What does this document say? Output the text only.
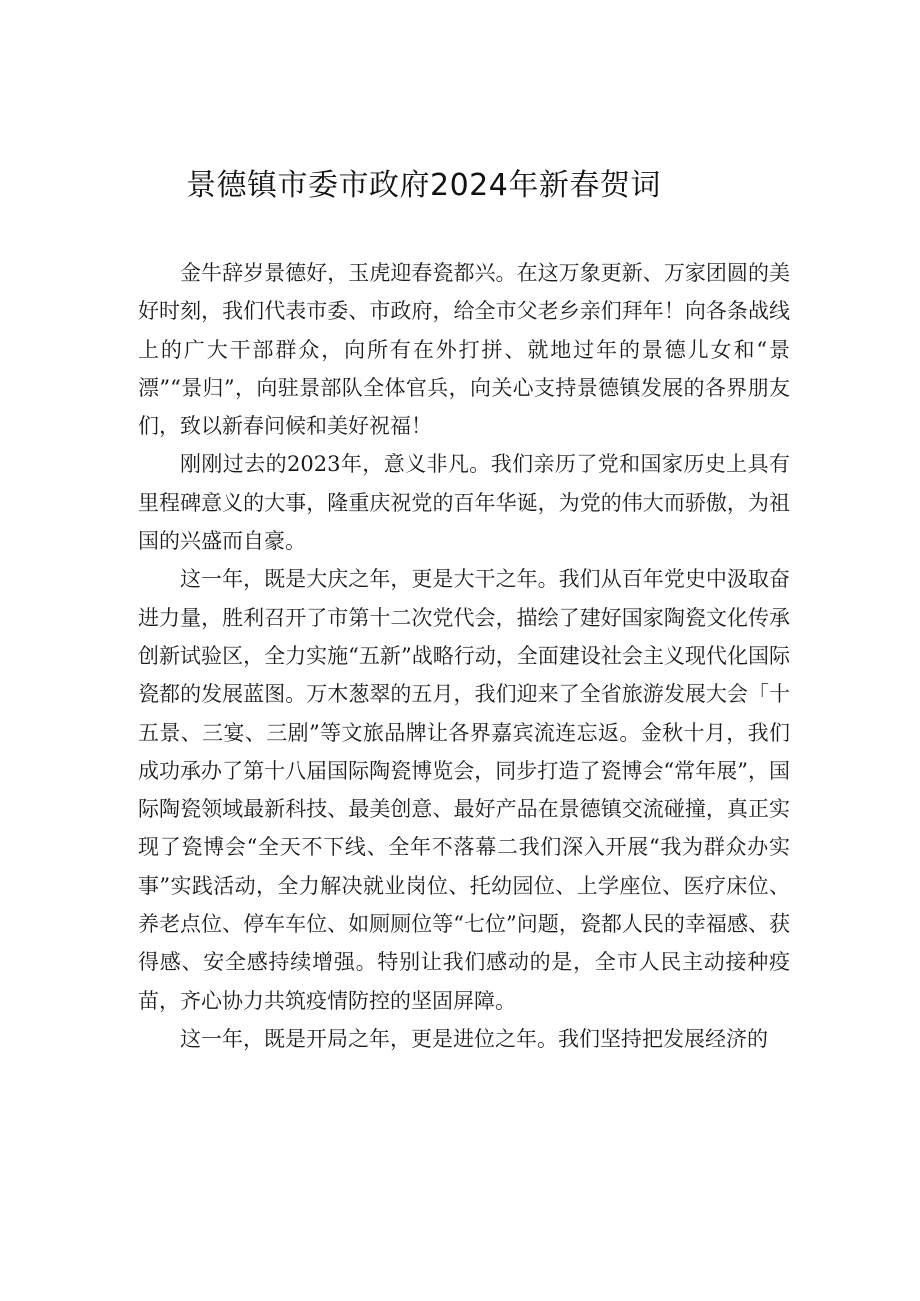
景德镇市委市政府2024年新春贺词

金牛辞岁景德好，玉虎迎春瓷都兴。在这万象更新、万家团圆的美好时刻，我们代表市委、市政府，给全市父老乡亲们拜年！向各条战线上的广大干部群众，向所有在外打拼、就地过年的景德儿女和“景漂”“景归”，向驻景部队全体官兵，向关心支持景德镇发展的各界朋友们，致以新春问候和美好祝福！

刚刚过去的2023年，意义非凡。我们亲历了党和国家历史上具有里程碑意义的大事，隆重庆祝党的百年华诞，为党的伟大而骄傲，为祖国的兴盛而自豪。

这一年，既是大庆之年，更是大干之年。我们从百年党史中汲取奋进力量，胜利召开了市第十二次党代会，描绘了建好国家陶瓷文化传承创新试验区，全力实施“五新”战略行动，全面建设社会主义现代化国际瓷都的发展蓝图。万木葱翠的五月，我们迎来了全省旅游发展大会「十五景、三宴、三剧”等文旅品牌让各界嘉宾流连忘返。金秋十月，我们成功承办了第十八届国际陶瓷博览会，同步打造了瓷博会“常年展”，国际陶瓷领域最新科技、最美创意、最好产品在景德镇交流碰撞，真正实现了瓷博会“全天不下线、全年不落幕二我们深入开展“我为群众办实事”实践活动，全力解决就业岗位、托幼园位、上学座位、医疗床位、养老点位、停车车位、如厕厕位等“七位”问题，瓷都人民的幸福感、获得感、安全感持续增强。特别让我们感动的是，全市人民主动接种疫苗，齐心协力共筑疫情防控的坚固屏障。

这一年，既是开局之年，更是进位之年。我们坚持把发展经济的
